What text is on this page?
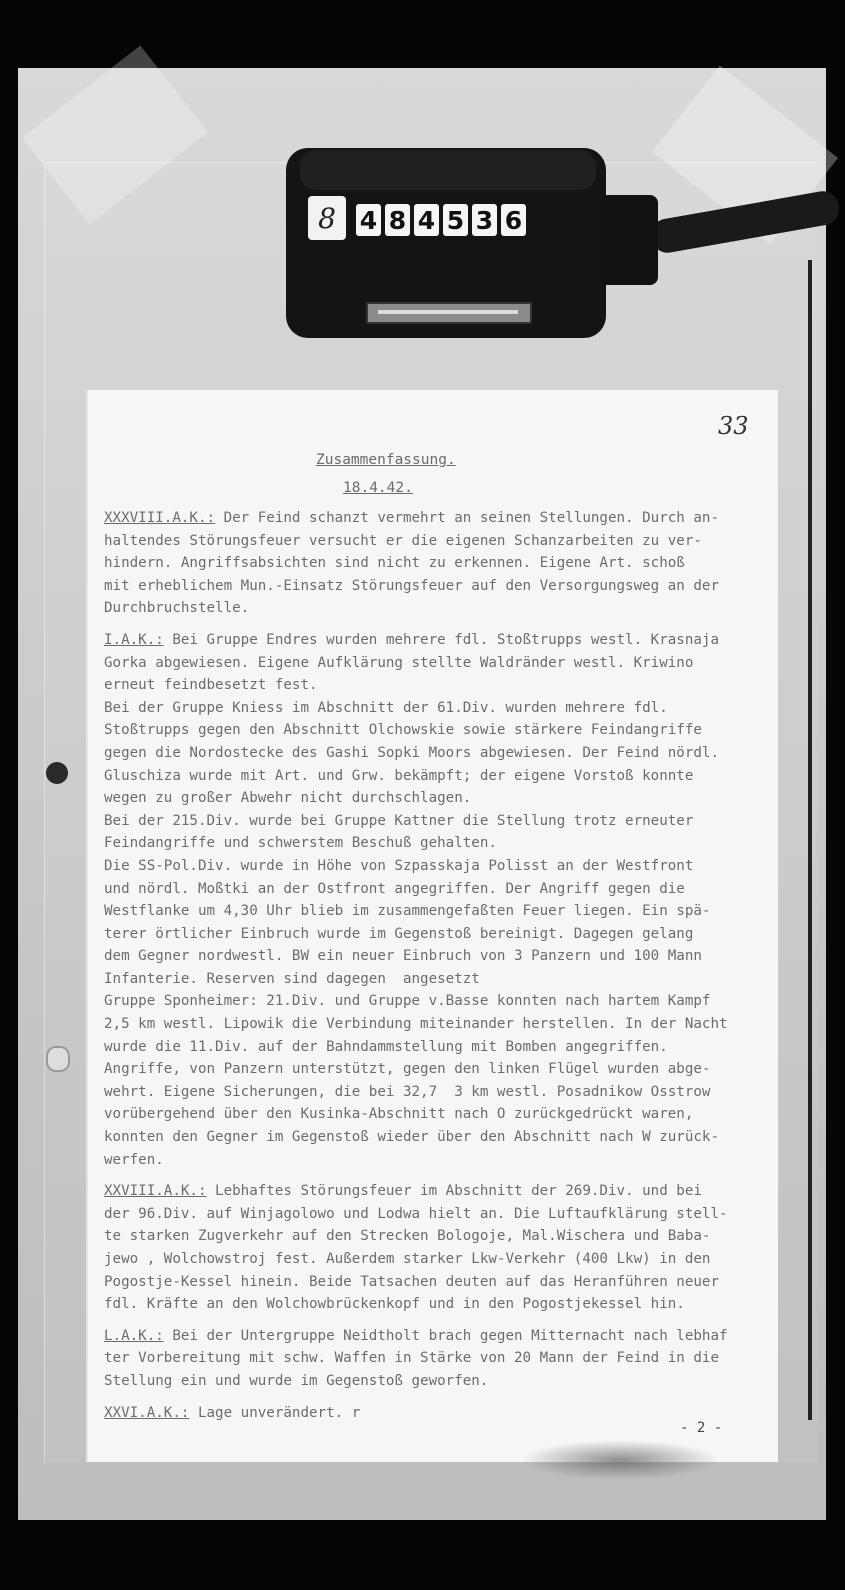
8 4 8 4 5 3 6
33
Zusammenfassung.
18.4.42.
XXXVIII.A.K.: Der Feind schanzt vermehrt an seinen Stellungen. Durch an-
haltendes Störungsfeuer versucht er die eigenen Schanzarbeiten zu ver-
hindern. Angriffsabsichten sind nicht zu erkennen. Eigene Art. schoß
mit erheblichem Mun.-Einsatz Störungsfeuer auf den Versorgungsweg an der
Durchbruchstelle.
I.A.K.: Bei Gruppe Endres wurden mehrere fdl. Stoßtrupps westl. Krasnaja
Gorka abgewiesen. Eigene Aufklärung stellte Waldränder westl. Kriwino
erneut feindbesetzt fest.
Bei der Gruppe Kniess im Abschnitt der 61.Div. wurden mehrere fdl.
Stoßtrupps gegen den Abschnitt Olchowskie sowie stärkere Feindangriffe
gegen die Nordostecke des Gashi Sopki Moors abgewiesen. Der Feind nördl.
Gluschiza wurde mit Art. und Grw. bekämpft; der eigene Vorstoß konnte
wegen zu großer Abwehr nicht durchschlagen.
Bei der 215.Div. wurde bei Gruppe Kattner die Stellung trotz erneuter
Feindangriffe und schwerstem Beschuß gehalten.
Die SS-Pol.Div. wurde in Höhe von Szpasskaja Polisst an der Westfront
und nördl. Moßtki an der Ostfront angegriffen. Der Angriff gegen die
Westflanke um 4,30 Uhr blieb im zusammengefaßten Feuer liegen. Ein spä-
terer örtlicher Einbruch wurde im Gegenstoß bereinigt. Dagegen gelang
dem Gegner nordwestl. BW ein neuer Einbruch von 3 Panzern und 100 Mann
Infanterie. Reserven sind dagegen  angesetzt
Gruppe Sponheimer: 21.Div. und Gruppe v.Basse konnten nach hartem Kampf
2,5 km westl. Lipowik die Verbindung miteinander herstellen. In der Nacht
wurde die 11.Div. auf der Bahndammstellung mit Bomben angegriffen.
Angriffe, von Panzern unterstützt, gegen den linken Flügel wurden abge-
wehrt. Eigene Sicherungen, die bei 32,7  3 km westl. Posadnikow Osstrow
vorübergehend über den Kusinka-Abschnitt nach O zurückgedrückt waren,
konnten den Gegner im Gegenstoß wieder über den Abschnitt nach W zurück-
werfen.
XXVIII.A.K.: Lebhaftes Störungsfeuer im Abschnitt der 269.Div. und bei
der 96.Div. auf Winjagolowo und Lodwa hielt an. Die Luftaufklärung stell-
te starken Zugverkehr auf den Strecken Bologoje, Mal.Wischera und Baba-
jewo , Wolchowstroj fest. Außerdem starker Lkw-Verkehr (400 Lkw) in den
Pogostje-Kessel hinein. Beide Tatsachen deuten auf das Heranführen neuer
fdl. Kräfte an den Wolchowbrückenkopf und in den Pogostjekessel hin.
L.A.K.: Bei der Untergruppe Neidtholt brach gegen Mitternacht nach lebhaf
ter Vorbereitung mit schw. Waffen in Stärke von 20 Mann der Feind in die
Stellung ein und wurde im Gegenstoß geworfen.
XXVI.A.K.: Lage unverändert. r
- 2 -
